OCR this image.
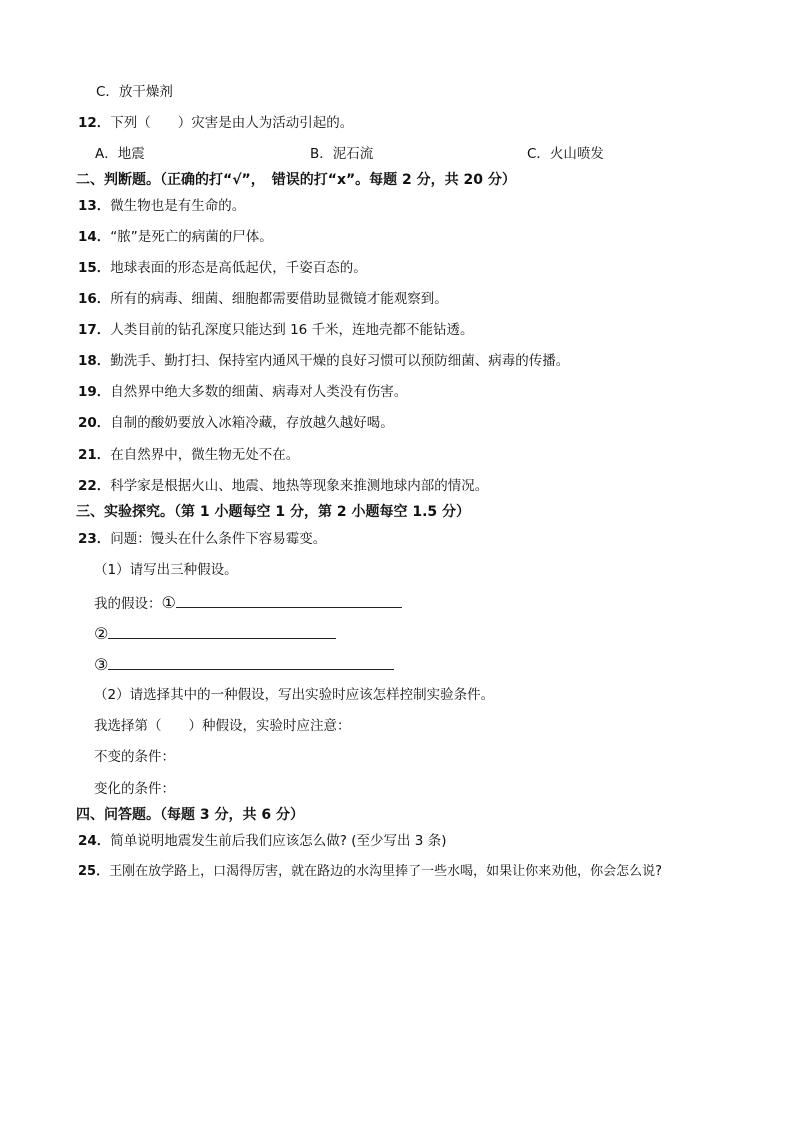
C．放干燥剂
12．下列（　　）灾害是由人为活动引起的。
A．地震	B．泥石流	C．火山喷发
二、判断题。（正确的打“√”，　错误的打“x”。每题 2 分，共 20 分）
13．微生物也是有生命的。
14．“脓”是死亡的病菌的尸体。
15．地球表面的形态是高低起伏，千姿百态的。
16．所有的病毒、细菌、细胞都需要借助显微镜才能观察到。
17．人类目前的钻孔深度只能达到 16 千米，连地壳都不能钻透。
18．勤洗手、勤打扫、保持室内通风干燥的良好习惯可以预防细菌、病毒的传播。
19．自然界中绝大多数的细菌、病毒对人类没有伤害。
20．自制的酸奶要放入冰箱冷藏，存放越久越好喝。
21．在自然界中，微生物无处不在。
22．科学家是根据火山、地震、地热等现象来推测地球内部的情况。
三、实验探究。（第 1 小题每空 1 分，第 2 小题每空 1.5 分）
23．问题：馒头在什么条件下容易霉变。
（1）请写出三种假设。
我的假设：①
②
③
（2）请选择其中的一种假设，写出实验时应该怎样控制实验条件。
我选择第（　　）种假设，实验时应注意：
不变的条件：
变化的条件：
四、问答题。（每题 3 分，共 6 分）
24．简单说明地震发生前后我们应该怎么做? (至少写出 3 条)
25．王刚在放学路上，口渴得厉害，就在路边的水沟里捧了一些水喝，如果让你来劝他，你会怎么说?
